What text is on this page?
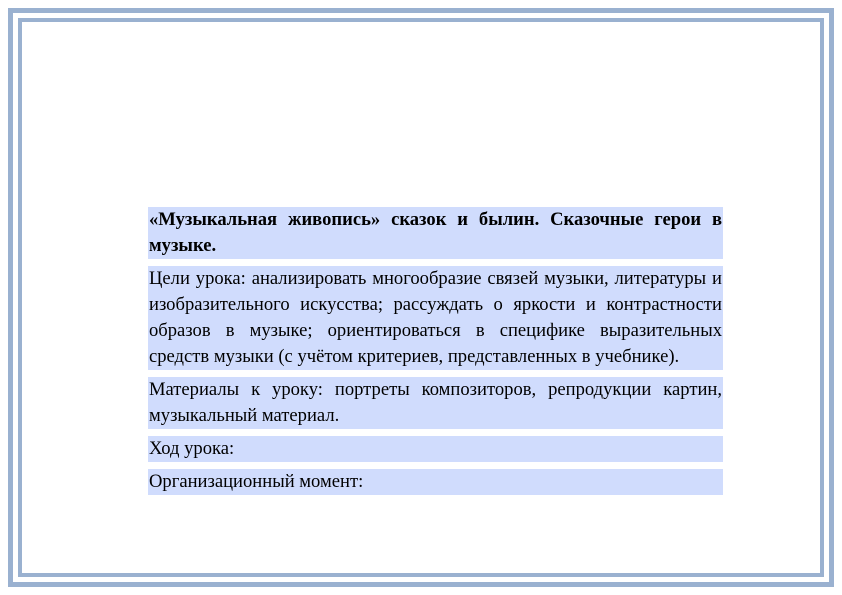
«Музыкальная живопись» сказок и былин. Сказочные герои в музыке.

Цели урока: анализировать многообразие связей музыки, литературы и изобразительного искусства; рассуждать о яркости и контрастности образов в музыке; ориентироваться в специфике выразительных средств музыки (с учётом критериев, представленных в учебнике).

Материалы к уроку: портреты композиторов, репродукции картин, музыкальный материал.

Ход урока:

Организационный момент:
